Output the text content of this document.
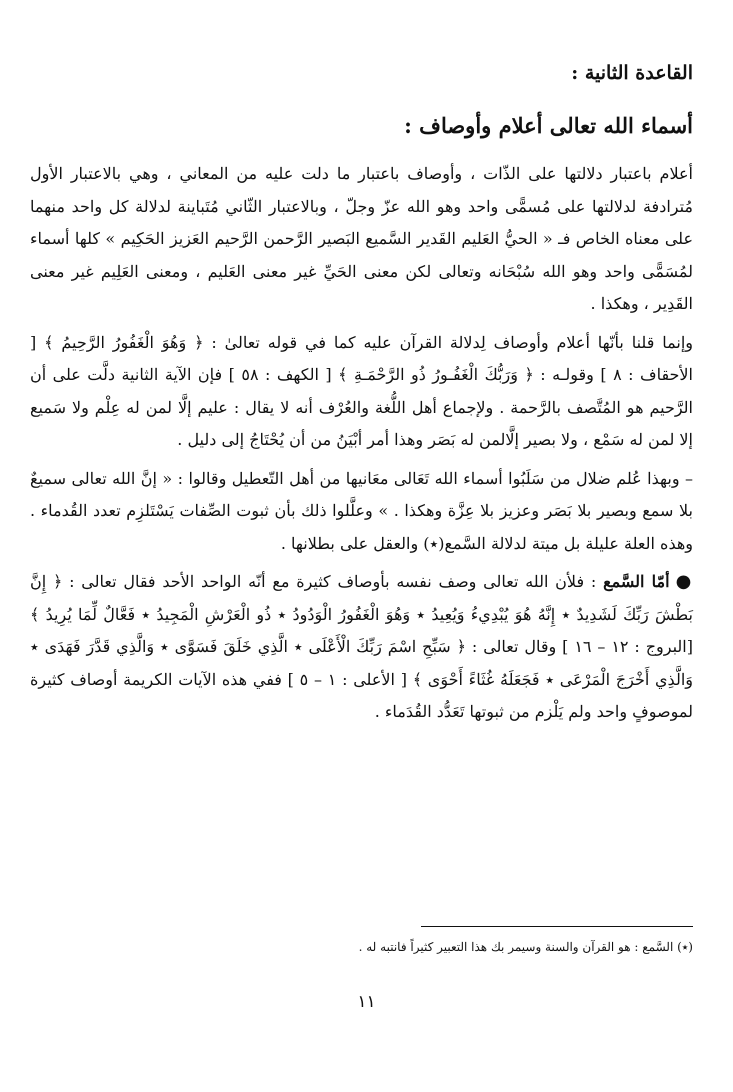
القاعدة الثانية :
أسماء الله تعالى أعلام وأوصاف :

أعلام باعتبار دلالتها على الذّات ، وأوصاف باعتبار ما دلت عليه من المعاني ، وهي بالاعتبار الأول مُترادفة لدلالتها على مُسمًّى واحد وهو الله عزّ وجلّ ، وبالاعتبار الثّاني مُتَباينة لدلالة كل واحد منهما على معناه الخاص فـ « الحيُّ العَليم القَدير السَّميع البَصير الرَّحمن الرَّحيم العَزيز الحَكِيم » كلها أسماء لمُسَمًّى واحد وهو الله سُبْحَانه وتعالى لكن معنى الحَيِّ غير معنى العَليم ، ومعنى العَلِيم غير معنى القَدِير ، وهكذا .

وإنما قلنا بأنّها أعلام وأوصاف لِدلالة القرآن عليه كما في قوله تعالىٰ : ﴿ وَهُوَ الْغَفُورُ الرَّحِيمُ ﴾ [ الأحقاف : ٨ ] وقولـه : ﴿ وَرَبُّكَ الْغَفُـورُ ذُو الرَّحْمَـةِ ﴾ [ الكهف : ٥٨ ] فإن الآية الثانية دلَّت على أن الرَّحيم هو المُتَّصف بالرَّحمة . ولإجماع أهل اللُّغة والعُرْف أنه لا يقال : عليم إلَّا لمن له عِلْم ولا سَميع إلا لمن له سَمْع ، ولا بصير إلَّالمن له بَصَر وهذا أمر أبْيَنُ من أن يُحْتَاجُ إلى دليل .

– وبهذا عُلم ضلال من سَلَبُوا أسماء الله تَعَالى معَانيها من أهل التّعطيل وقالوا : « إنَّ الله تعالى سميعٌ بلا سمع وبصير بلا بَصَر وعزيز بلا عِزَّة وهكذا . » وعلَّلوا ذلك بأن ثبوت الصِّفات يَسْتَلزِم تعدد القُدماء . وهذه العلة عليلة بل ميتة لدلالة السَّمع(٭) والعقل على بطلانها .

●أمّا السَّمع : فلأن الله تعالى وصف نفسه بأوصاف كثيرة مع أنّه الواحد الأحد فقال تعالى : ﴿ إِنَّ بَطْشَ رَبِّكَ لَشَدِيدٌ ٭ إِنَّهُ هُوَ يُبْدِيءُ وَيُعِيدُ ٭ وَهُوَ الْغَفُورُ الْوَدُودُ ٭ ذُو الْعَرْشِ الْمَجِيدُ ٭ فَعَّالٌ لِّمَا يُرِيدُ ﴾ [البروج : ١٢ – ١٦ ] وقال تعالى : ﴿ سَبِّحِ اسْمَ رَبِّكَ الْأَعْلَى ٭ الَّذِي خَلَقَ فَسَوَّى ٭ وَالَّذِي قَدَّرَ فَهَدَى ٭ وَالَّذِي أَخْرَجَ الْمَرْعَى ٭ فَجَعَلَهُ غُثَاءً أَحْوَى ﴾ [ الأعلى : ١ – ٥ ] ففي هذه الآيات الكريمة أوصاف كثيرة لموصوفٍ واحد ولم يَلْزم من ثبوتها تَعَدُّد القُدَماء .

(٭) السَّمع : هو القرآن والسنة وسيمر بك هذا التعبير كثيراً فانتبه له .
١١
